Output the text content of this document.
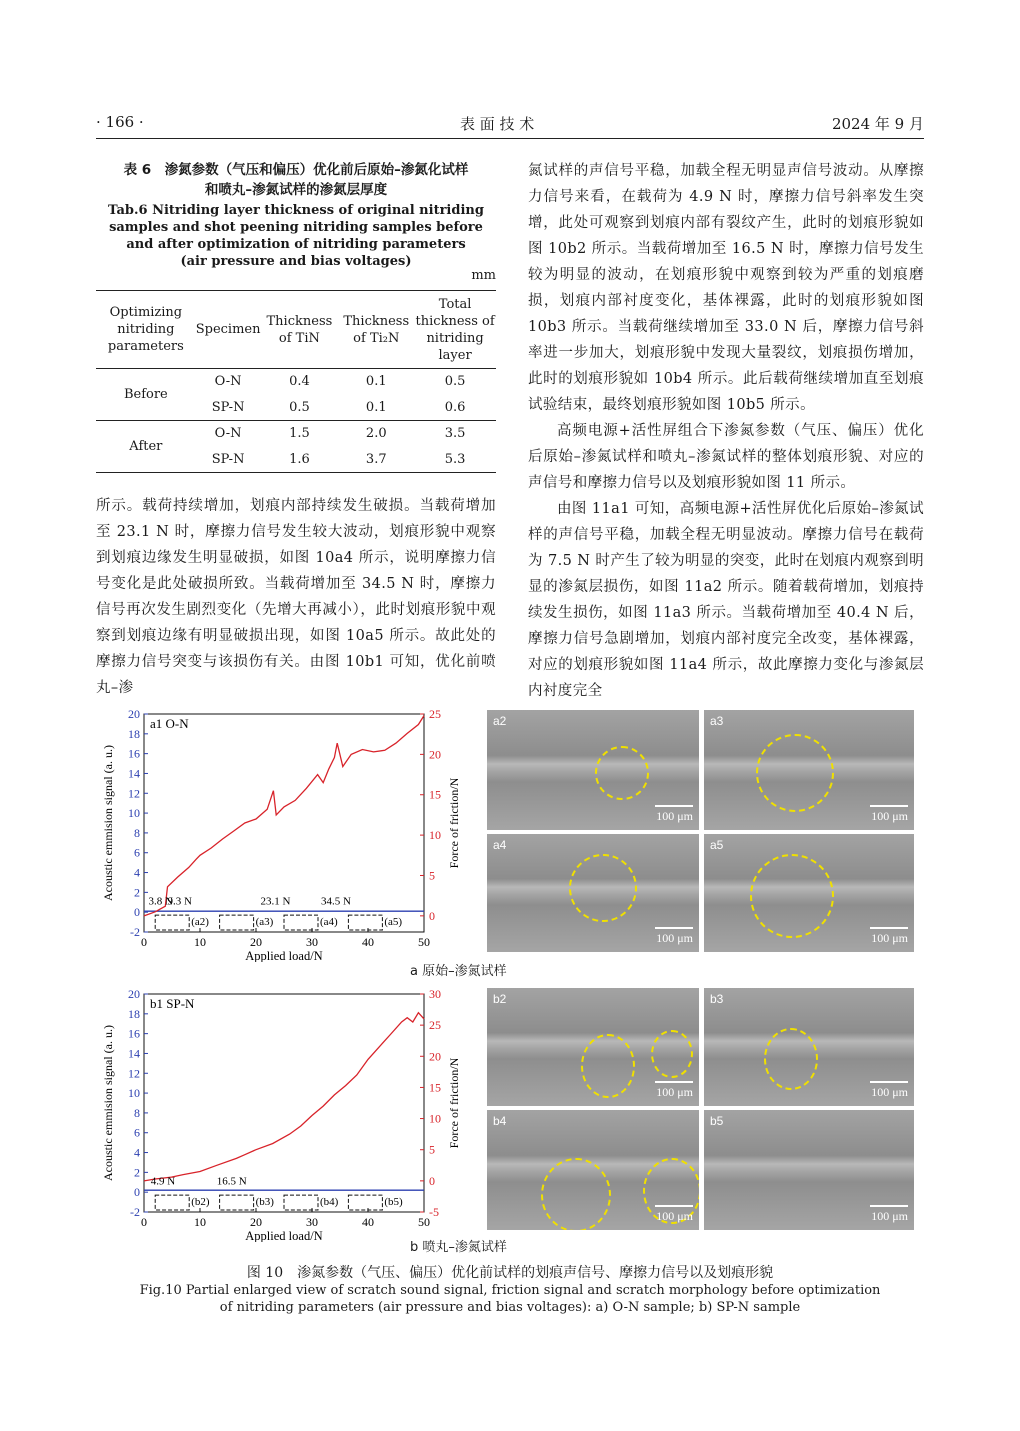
· 166 ·	表 面 技 术	2024 年 9 月
表 6　渗氮参数（气压和偏压）优化前后原始–渗氮化试样
和喷丸–渗氮试样的渗氮层厚度
Tab.6 Nitriding layer thickness of original nitriding
samples and shot peening nitriding samples before
and after optimization of nitriding parameters
(air pressure and bias voltages)
mm
Optimizing nitriding parameters	Specimen	Thickness of TiN	Thickness of Ti₂N	Total thickness of nitriding layer
Before	O-N	0.4	0.1	0.5
	SP-N	0.5	0.1	0.6
After	O-N	1.5	2.0	3.5
	SP-N	1.6	3.7	5.3

所示。载荷持续增加，划痕内部持续发生破损。当载荷增加至 23.1 N 时，摩擦力信号发生较大波动，划痕形貌中观察到划痕边缘发生明显破损，如图 10a4 所示，说明摩擦力信号变化是此处破损所致。当载荷增加至 34.5 N 时，摩擦力信号再次发生剧烈变化（先增大再减小），此时划痕形貌中观察到划痕边缘有明显破损出现，如图 10a5 所示。故此处的摩擦力信号突变与该损伤有关。由图 10b1 可知，优化前喷丸–渗

氮试样的声信号平稳，加载全程无明显声信号波动。从摩擦力信号来看，在载荷为 4.9 N 时，摩擦力信号斜率发生突增，此处可观察到划痕内部有裂纹产生，此时的划痕形貌如图 10b2 所示。当载荷增加至 16.5 N 时，摩擦力信号发生较为明显的波动，在划痕形貌中观察到较为严重的划痕磨损，划痕内部衬度变化，基体裸露，此时的划痕形貌如图 10b3 所示。当载荷继续增加至 33.0 N 后，摩擦力信号斜率进一步加大，划痕形貌中发现大量裂纹，划痕损伤增加，此时的划痕形貌如 10b4 所示。此后载荷继续增加直至划痕试验结束，最终划痕形貌如图 10b5 所示。

高频电源+活性屏组合下渗氮参数（气压、偏压）优化后原始–渗氮试样和喷丸–渗氮试样的整体划痕形貌、对应的声信号和摩擦力信号以及划痕形貌如图 11 所示。

由图 11a1 可知，高频电源+活性屏优化后原始–渗氮试样的声信号平稳，加载全程无明显波动。摩擦力信号在载荷为 7.5 N 时产生了较为明显的突变，此时在划痕内观察到明显的渗氮层损伤，如图 11a2 所示。随着载荷增加，划痕持续发生损伤，如图 11a3 所示。当载荷增加至 40.4 N 后，摩擦力信号急剧增加，划痕内部衬度完全改变，基体裸露，对应的划痕形貌如图 11a4 所示，故此摩擦力变化与渗氮层内衬度完全

0	10	20	30	40	50
-2
0
2
4
6
8
10
12
14
16
18
20
0
5
10
15
20
25
Applied load/N
Acoustic emmision signal (a. u.)	Force of friction/N
a1 O-N
(a2)	(a3)	(a4)	(a5)
3.8 N
9.3 N	23.1 N	34.5 N
0	10	20	30	40	50
-2
0
2
4
6
8
10
12
14
16
18
20
-5
0
5
10
15
20
25
30
Applied load/N
Acoustic emmision signal (a. u.)	Force of friction/N
b1 SP-N
(b2)	(b3)	(b4)	(b5)
4.9 N	16.5 N
a2
100 μm
a3
100 μm
a4
100 μm
a5
100 μm
a 原始–渗氮试样
b2
100 μm
b3
100 μm
b4
100 μm
b5
100 μm
b 喷丸–渗氮试样
图 10　渗氮参数（气压、偏压）优化前试样的划痕声信号、摩擦力信号以及划痕形貌
Fig.10 Partial enlarged view of scratch sound signal, friction signal and scratch morphology before optimization
of nitriding parameters (air pressure and bias voltages): a) O-N sample; b) SP-N sample
